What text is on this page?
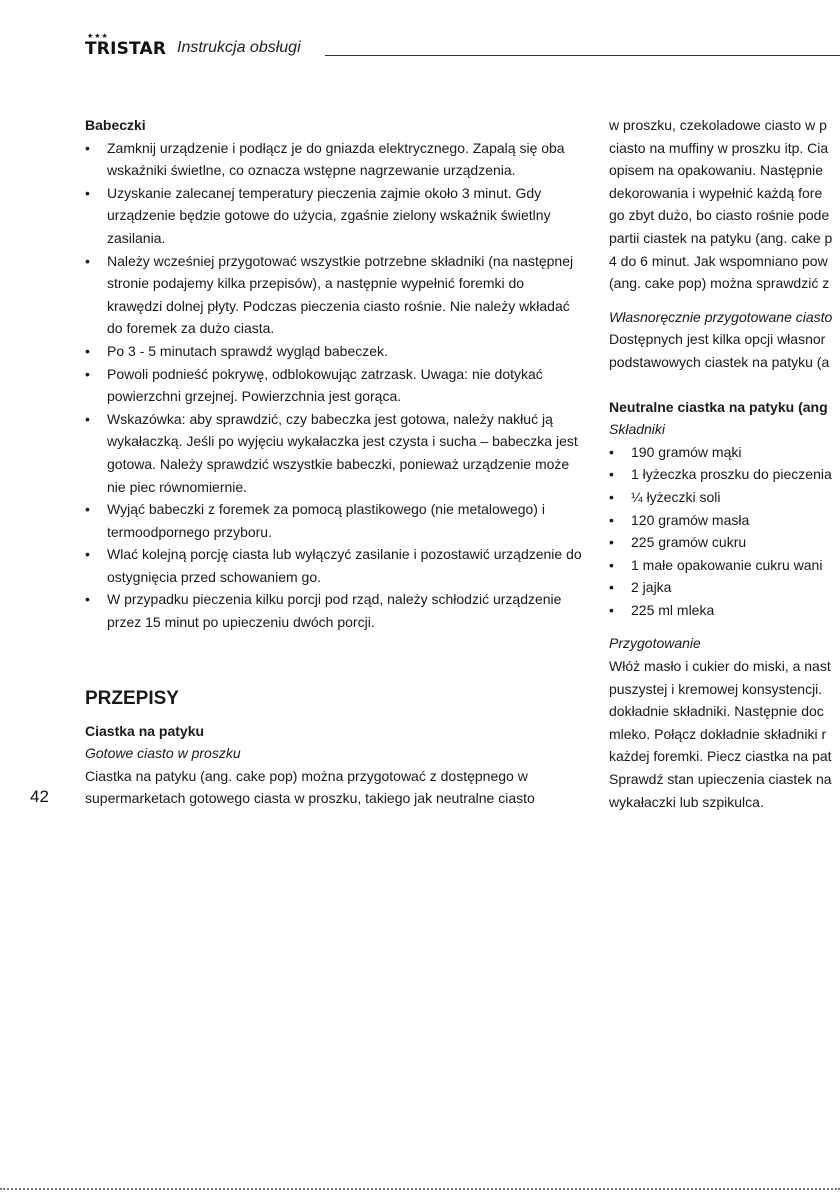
★★★
TRISTAR Instrukcja obsługi

Babeczki

•	Zamknij urządzenie i podłącz je do gniazda elektrycznego. Zapalą się oba wskaźniki świetlne, co oznacza wstępne nagrzewanie urządzenia.
•	Uzyskanie zalecanej temperatury pieczenia zajmie około 3 minut. Gdy urządzenie będzie gotowe do użycia, zgaśnie zielony wskaźnik świetlny zasilania.
•	Należy wcześniej przygotować wszystkie potrzebne składniki (na następnej stronie podajemy kilka przepisów), a następnie wypełnić foremki do krawędzi dolnej płyty. Podczas pieczenia ciasto rośnie. Nie należy wkładać do foremek za dużo ciasta.
•	Po 3 - 5 minutach sprawdź wygląd babeczek.
•	Powoli podnieść pokrywę, odblokowując zatrzask. Uwaga: nie dotykać powierzchni grzejnej. Powierzchnia jest gorąca.
•	Wskazówka: aby sprawdzić, czy babeczka jest gotowa, należy nakłuć ją wykałaczką. Jeśli po wyjęciu wykałaczka jest czysta i sucha – babeczka jest gotowa. Należy sprawdzić wszystkie babeczki, ponieważ urządzenie może nie piec równomiernie.
•	Wyjąć babeczki z foremek za pomocą plastikowego (nie metalowego) i termoodpornego przyboru.
•	Wlać kolejną porcję ciasta lub wyłączyć zasilanie i pozostawić urządzenie do ostygnięcia przed schowaniem go.
•	W przypadku pieczenia kilku porcji pod rząd, należy schłodzić urządzenie przez 15 minut po upieczeniu dwóch porcji.

PRZEPISY

Ciastka na patyku

Gotowe ciasto w proszku

Ciastka na patyku (ang. cake pop) można przygotować z dostępnego w supermarketach gotowego ciasta w proszku, takiego jak neutralne ciasto

w proszku, czekoladowe ciasto w p
ciasto na muffiny w proszku itp. Cia
opisem na opakowaniu. Następnie
dekorowania i wypełnić każdą fore
go zbyt dużo, bo ciasto rośnie pode
partii ciastek na patyku (ang. cake p
4 do 6 minut. Jak wspomniano pow
(ang. cake pop) można sprawdzić z

Własnoręcznie przygotowane ciasto

Dostępnych jest kilka opcji własnor
podstawowych ciastek na patyku (a

Neutralne ciastka na patyku (ang

Składniki

•	190 gramów mąki
•	1 łyżeczka proszku do pieczenia
•	¼ łyżeczki soli
•	120 gramów masła
•	225 gramów cukru
•	1 małe opakowanie cukru wani
•	2 jajka
•	225 ml mleka

Przygotowanie

Włóż masło i cukier do miski, a nast
puszystej i kremowej konsystencji.
dokładnie składniki. Następnie doc
mleko. Połącz dokładnie składniki r
każdej foremki. Piecz ciastka na pat
Sprawdź stan upieczenia ciastek na
wykałaczki lub szpikulca.
42
